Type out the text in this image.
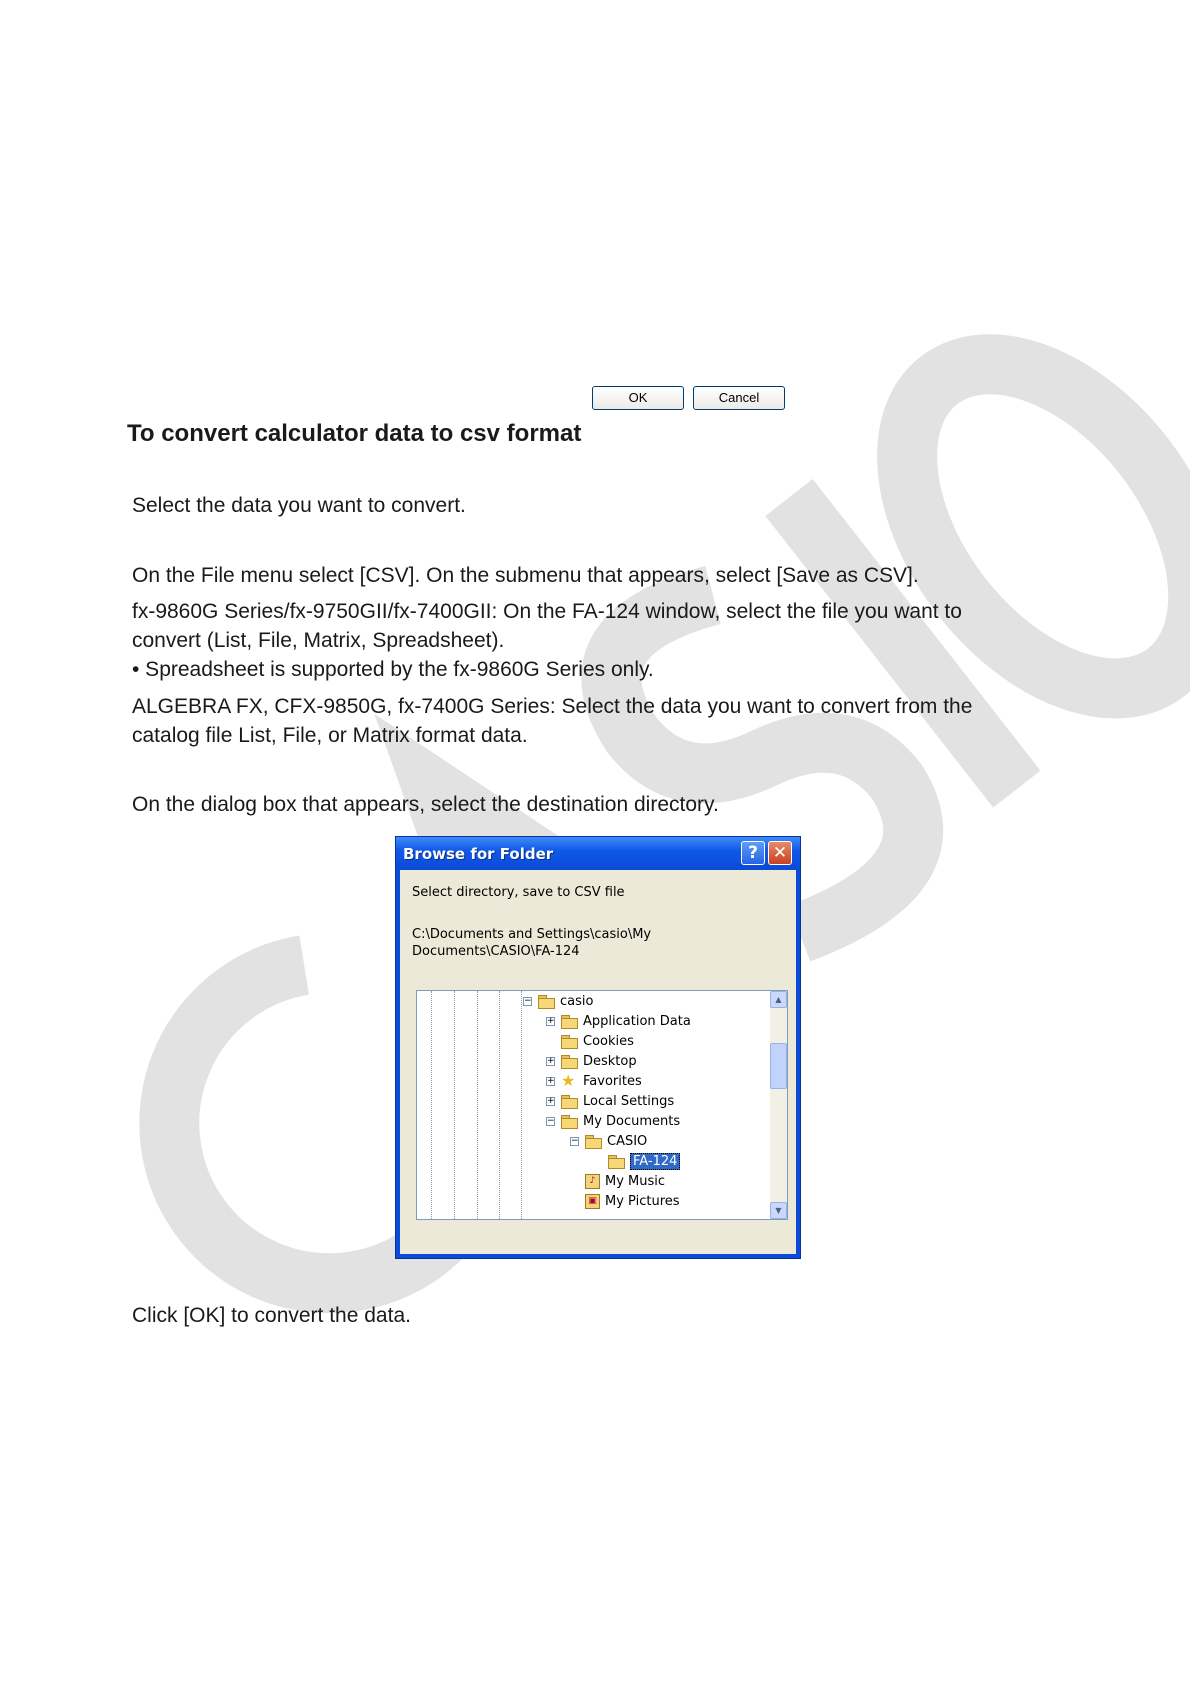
To convert calculator data to csv format
Select the data you want to convert.
On the File menu select [CSV]. On the submenu that appears, select [Save as CSV].
fx-9860G Series/fx-9750GII/fx-7400GII: On the FA-124 window, select the file you want to
convert (List, File, Matrix, Spreadsheet).
• Spreadsheet is supported by the fx-9860G Series only.
ALGEBRA FX, CFX-9850G, fx-7400G Series: Select the data you want to convert from the
catalog file List, File, or Matrix format data.
On the dialog box that appears, select the destination directory.
Click [OK] to convert the data.
Browse for Folder	? ✕
Select directory, save to CSV file
C:\Documents and Settings\casio\My Documents\CASIO\FA-124
− casio
+ Application Data
Cookies
+ Desktop
+ ★ Favorites
+ Local Settings
− My Documents
− CASIO
FA-124
♪ My Music
▣ My Pictures
▲
▼
OK	Cancel
